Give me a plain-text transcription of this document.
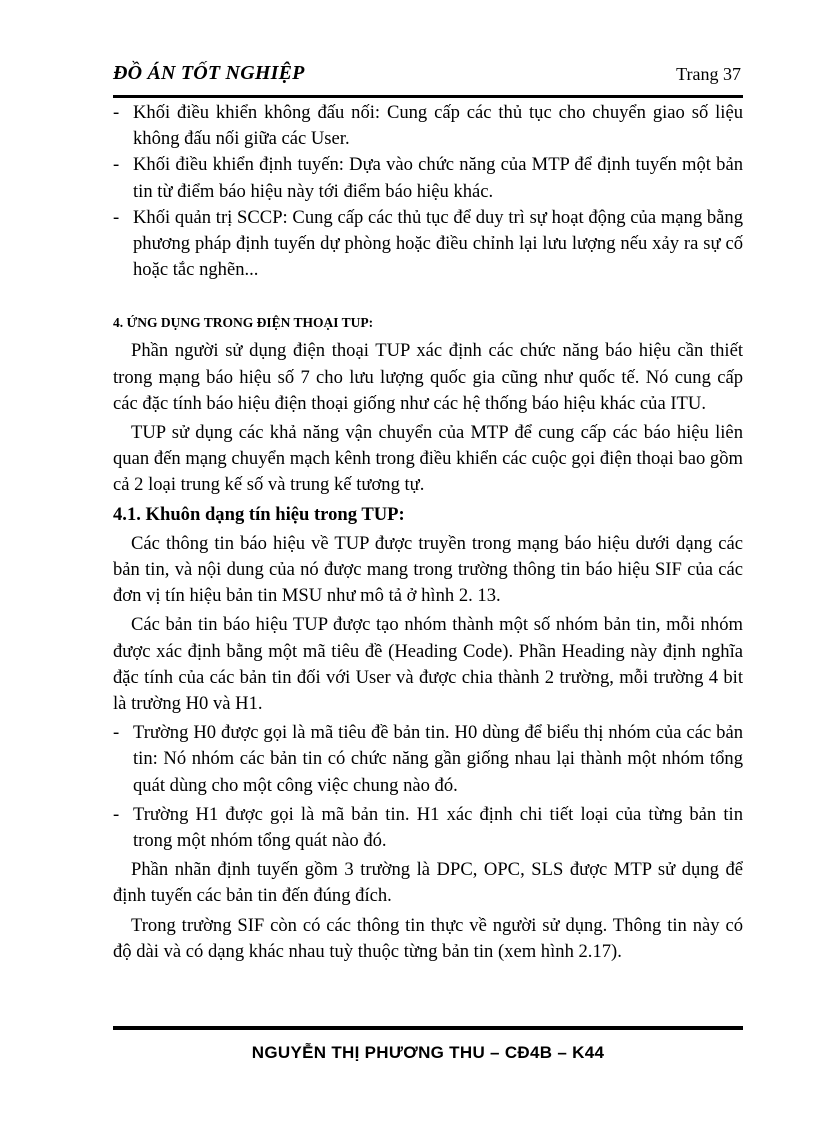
ĐỒ ÁN TỐT NGHIỆP	Trang 37
- Khối điều khiển không đấu nối: Cung cấp các thủ tục cho chuyển giao số liệu không đấu nối giữa các User.
- Khối điều khiển định tuyến: Dựa vào chức năng của MTP để định tuyến một bản tin từ điểm báo hiệu này tới điểm báo hiệu khác.
- Khối quản trị SCCP: Cung cấp các thủ tục để duy trì sự hoạt động của mạng bằng phương pháp định tuyến dự phòng hoặc điều chỉnh lại lưu lượng nếu xảy ra sự cố hoặc tắc nghẽn...

4. ỨNG DỤNG TRONG ĐIỆN THOẠI TUP:

Phần người sử dụng điện thoại TUP xác định các chức năng báo hiệu cần thiết trong mạng báo hiệu số 7 cho lưu lượng quốc gia cũng như quốc tế. Nó cung cấp các đặc tính báo hiệu điện thoại giống như các hệ thống báo hiệu khác của ITU.

TUP sử dụng các khả năng vận chuyển của MTP để cung cấp các báo hiệu liên quan đến mạng chuyển mạch kênh trong điều khiển các cuộc gọi điện thoại bao gồm cả 2 loại trung kế số và trung kế tương tự.

4.1. Khuôn dạng tín hiệu trong TUP:

Các thông tin báo hiệu về TUP được truyền trong mạng báo hiệu dưới dạng các bản tin, và nội dung của nó được mang trong trường thông tin báo hiệu SIF của các đơn vị tín hiệu bản tin MSU như mô tả ở hình 2. 13.

Các bản tin báo hiệu TUP được tạo nhóm thành một số nhóm bản tin, mỗi nhóm được xác định bằng một mã tiêu đề (Heading Code). Phần Heading này định nghĩa đặc tính của các bản tin đối với User và được chia thành 2 trường, mỗi trường 4 bit là trường H0 và H1.

- Trường H0 được gọi là mã tiêu đề bản tin. H0 dùng để biểu thị nhóm của các bản tin: Nó nhóm các bản tin có chức năng gần giống nhau lại thành một nhóm tổng quát dùng cho một công việc chung nào đó.
- Trường H1 được gọi là mã bản tin. H1 xác định chi tiết loại của từng bản tin trong một nhóm tổng quát nào đó.

Phần nhãn định tuyến gồm 3 trường là DPC, OPC, SLS được MTP sử dụng để định tuyến các bản tin đến đúng đích.

Trong trường SIF còn có các thông tin thực về người sử dụng. Thông tin này có độ dài và có dạng khác nhau tuỳ thuộc từng bản tin (xem hình 2.17).

NGUYỄN THỊ PHƯƠNG THU – CĐ4B – K44
